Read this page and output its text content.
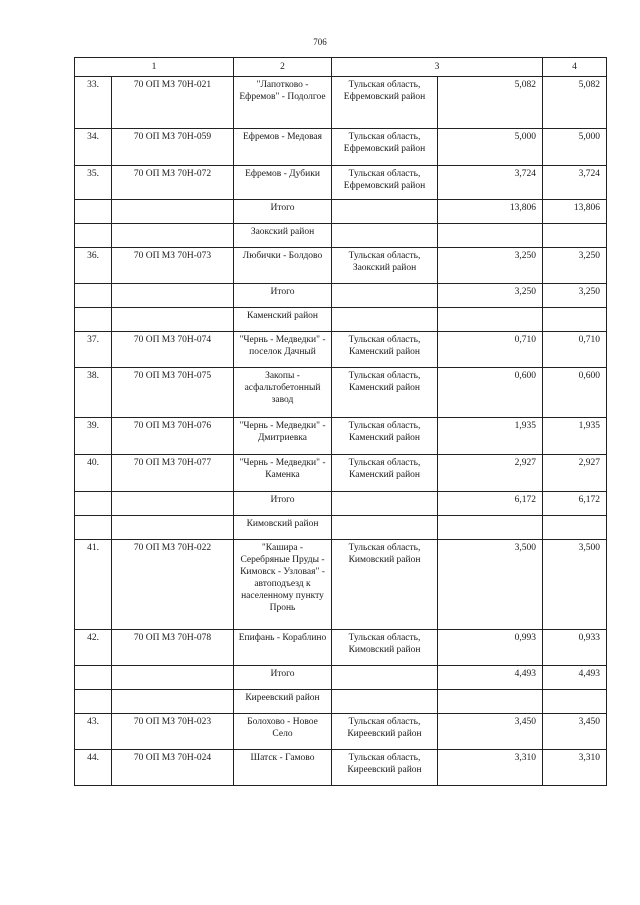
706
1		2	3		4
33.	70 ОП МЗ 70Н-021	"Лапотково - Ефремов" - Подолгое	Тульская область, Ефремовский район	5,082	5,082
34.	70 ОП МЗ 70Н-059	Ефремов - Медовая	Тульская область, Ефремовский район	5,000	5,000
35.	70 ОП МЗ 70Н-072	Ефремов - Дубики	Тульская область, Ефремовский район	3,724	3,724
		Итого		13,806	13,806
		Заокский район			
36.	70 ОП МЗ 70Н-073	Любички - Болдово	Тульская область, Заокский район	3,250	3,250
		Итого		3,250	3,250
		Каменский район			
37.	70 ОП МЗ 70Н-074	"Чернь - Медведки" - поселок Дачный	Тульская область, Каменский район	0,710	0,710
38.	70 ОП МЗ 70Н-075	Закопы - асфальтобетонный завод	Тульская область, Каменский район	0,600	0,600
39.	70 ОП МЗ 70Н-076	"Чернь - Медведки" - Дмитриевка	Тульская область, Каменский район	1,935	1,935
40.	70 ОП МЗ 70Н-077	"Чернь - Медведки" - Каменка	Тульская область, Каменский район	2,927	2,927
		Итого		6,172	6,172
		Кимовский район			
41.	70 ОП МЗ 70Н-022	"Кашира - Серебряные Пруды - Кимовск - Узловая" - автоподъезд к населенному пункту Пронь	Тульская область, Кимовский район	3,500	3,500
42.	70 ОП МЗ 70Н-078	Епифань - Кораблино	Тульская область, Кимовский район	0,993	0,933
		Итого		4,493	4,493
		Киреевский район			
43.	70 ОП МЗ 70Н-023	Болохово - Новое Село	Тульская область, Киреевский район	3,450	3,450
44.	70 ОП МЗ 70Н-024	Шатск - Гамово	Тульская область, Киреевский район	3,310	3,310
